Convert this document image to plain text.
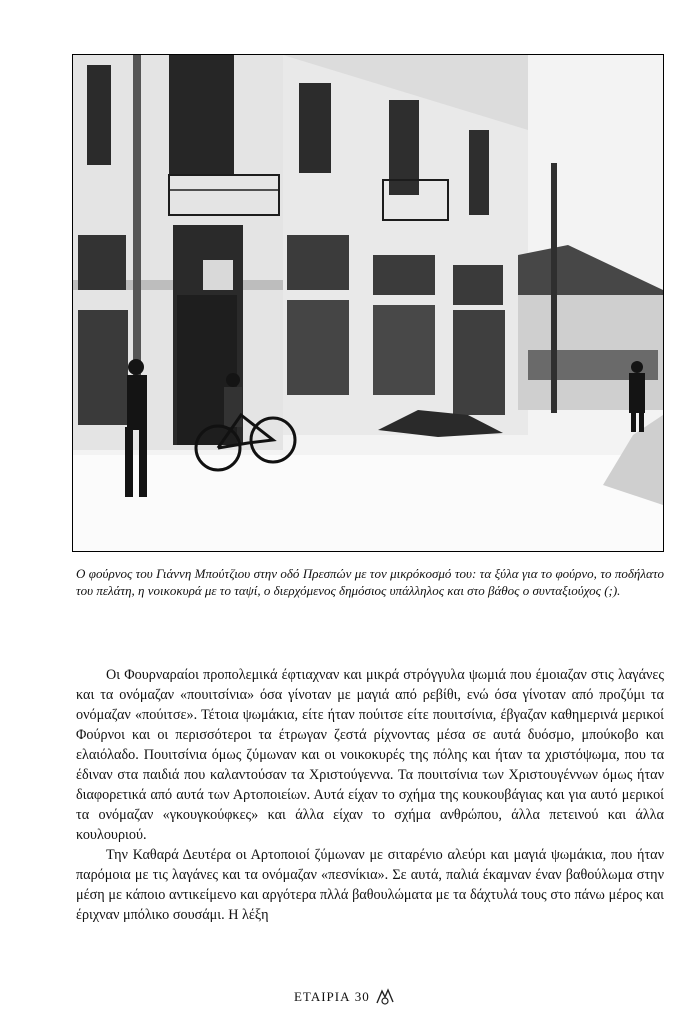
Ο φούρνος του Γιάννη Μπούτζιου στην οδό Πρεσπών με τον μικρόκοσμό του: τα ξύλα για το φούρνο, το ποδήλατο του πελάτη, η νοικοκυρά με το ταψί, ο διερχόμενος δημόσιος υπάλληλος και στο βάθος ο συνταξιούχος (;).

Οι Φουρναραίοι προπολεμικά έφτιαχναν και μικρά στρόγγυλα ψωμιά που έμοιαζαν στις λαγάνες και τα ονόμαζαν «πουιτσίνια» όσα γίνοταν με μαγιά από ρεβίθι, ενώ όσα γίνοταν από προζύμι τα ονόμαζαν «πούιτσε». Τέτοια ψωμάκια, είτε ήταν πούιτσε είτε πουιτσίνια, έβγαζαν καθημερινά μερικοί Φούρνοι και οι περισσότεροι τα έτρωγαν ζεστά ρίχνοντας μέσα σε αυτά δυόσμο, μπούκοβο και ελαιόλαδο. Πουιτσίνια όμως ζύμωναν και οι νοικοκυρές της πόλης και ήταν τα χριστόψωμα, που τα έδιναν στα παιδιά που καλαντούσαν τα Χριστούγεννα. Τα πουιτσίνια των Χριστουγέννων όμως ήταν διαφορετικά από αυτά των Αρτοποιείων. Αυτά είχαν το σχήμα της κουκουβάγιας και για αυτό μερικοί τα ονόμαζαν «γκουγκούφκες» και άλλα είχαν το σχήμα ανθρώπου, άλλα πετεινού και άλλα κουλουριού.

Την Καθαρά Δευτέρα οι Αρτοποιοί ζύμωναν με σιταρένιο αλεύρι και μαγιά ψωμάκια, που ήταν παρόμοια με τις λαγάνες και τα ονόμαζαν «πεσνίκια». Σε αυτά, παλιά έκαμναν έναν βαθούλωμα στην μέση με κάποιο αντικείμενο και αργότερα πλλά βαθουλώματα με τα δάχτυλά τους στο πάνω μέρος και έριχναν μπόλικο σουσάμι. Η λέξη

ΕΤΑΙΡΙΑ 30
